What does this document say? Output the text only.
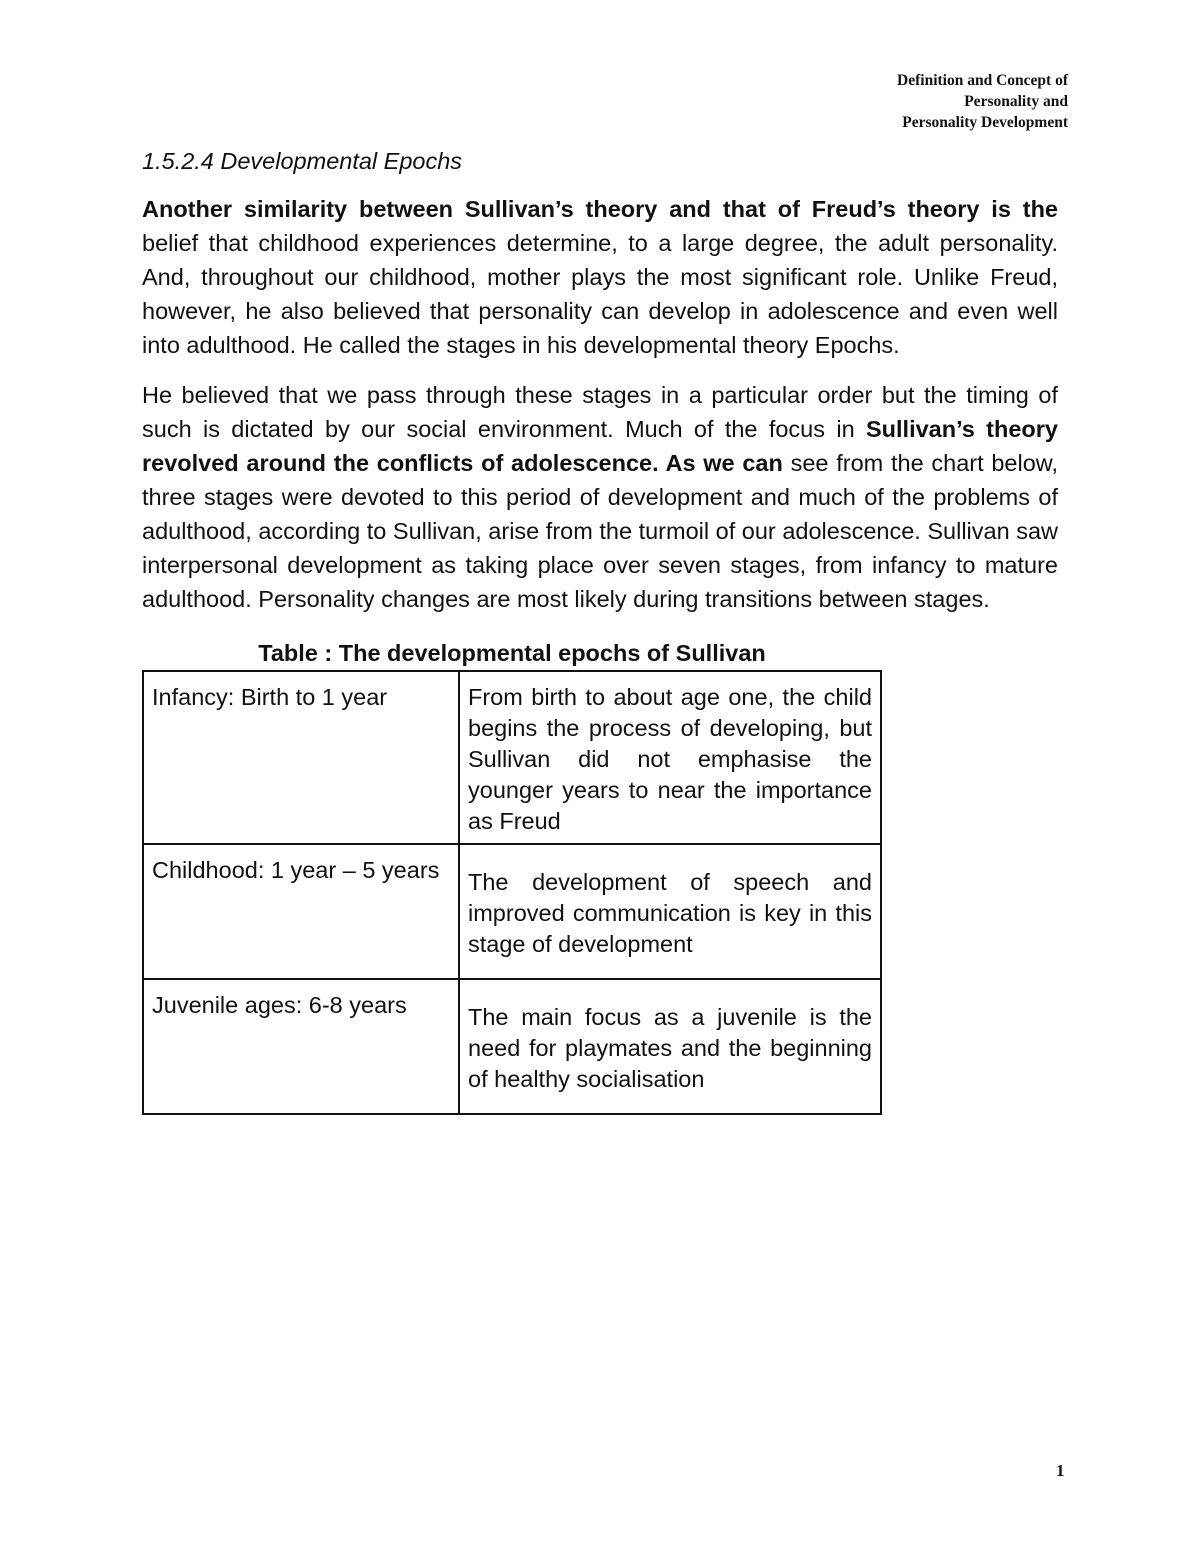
Definition and Concept of
Personality and
Personality Development
1.5.2.4 Developmental Epochs

Another similarity between Sullivan’s theory and that of Freud’s theory is the belief that childhood experiences determine, to a large degree, the adult personality. And, throughout our childhood, mother plays the most significant role. Unlike Freud, however, he also believed that personality can develop in adolescence and even well into adulthood. He called the stages in his developmental theory Epochs.

He believed that we pass through these stages in a particular order but the timing of such is dictated by our social environment. Much of the focus in Sullivan’s theory revolved around the conflicts of adolescence. As we can see from the chart below, three stages were devoted to this period of development and much of the problems of adulthood, according to Sullivan, arise from the turmoil of our adolescence. Sullivan saw interpersonal development as taking place over seven stages, from infancy to mature adulthood. Personality changes are most likely during transitions between stages.

Table : The developmental epochs of Sullivan
Infancy: Birth to 1 year	From birth to about age one, the child begins the process of developing, but Sullivan did not emphasise the younger years to near the importance as Freud
Childhood: 1 year – 5 years	The development of speech and improved communication is key in this stage of development
Juvenile ages: 6-8 years	The main focus as a juvenile is the need for playmates and the beginning of healthy socialisation
1
